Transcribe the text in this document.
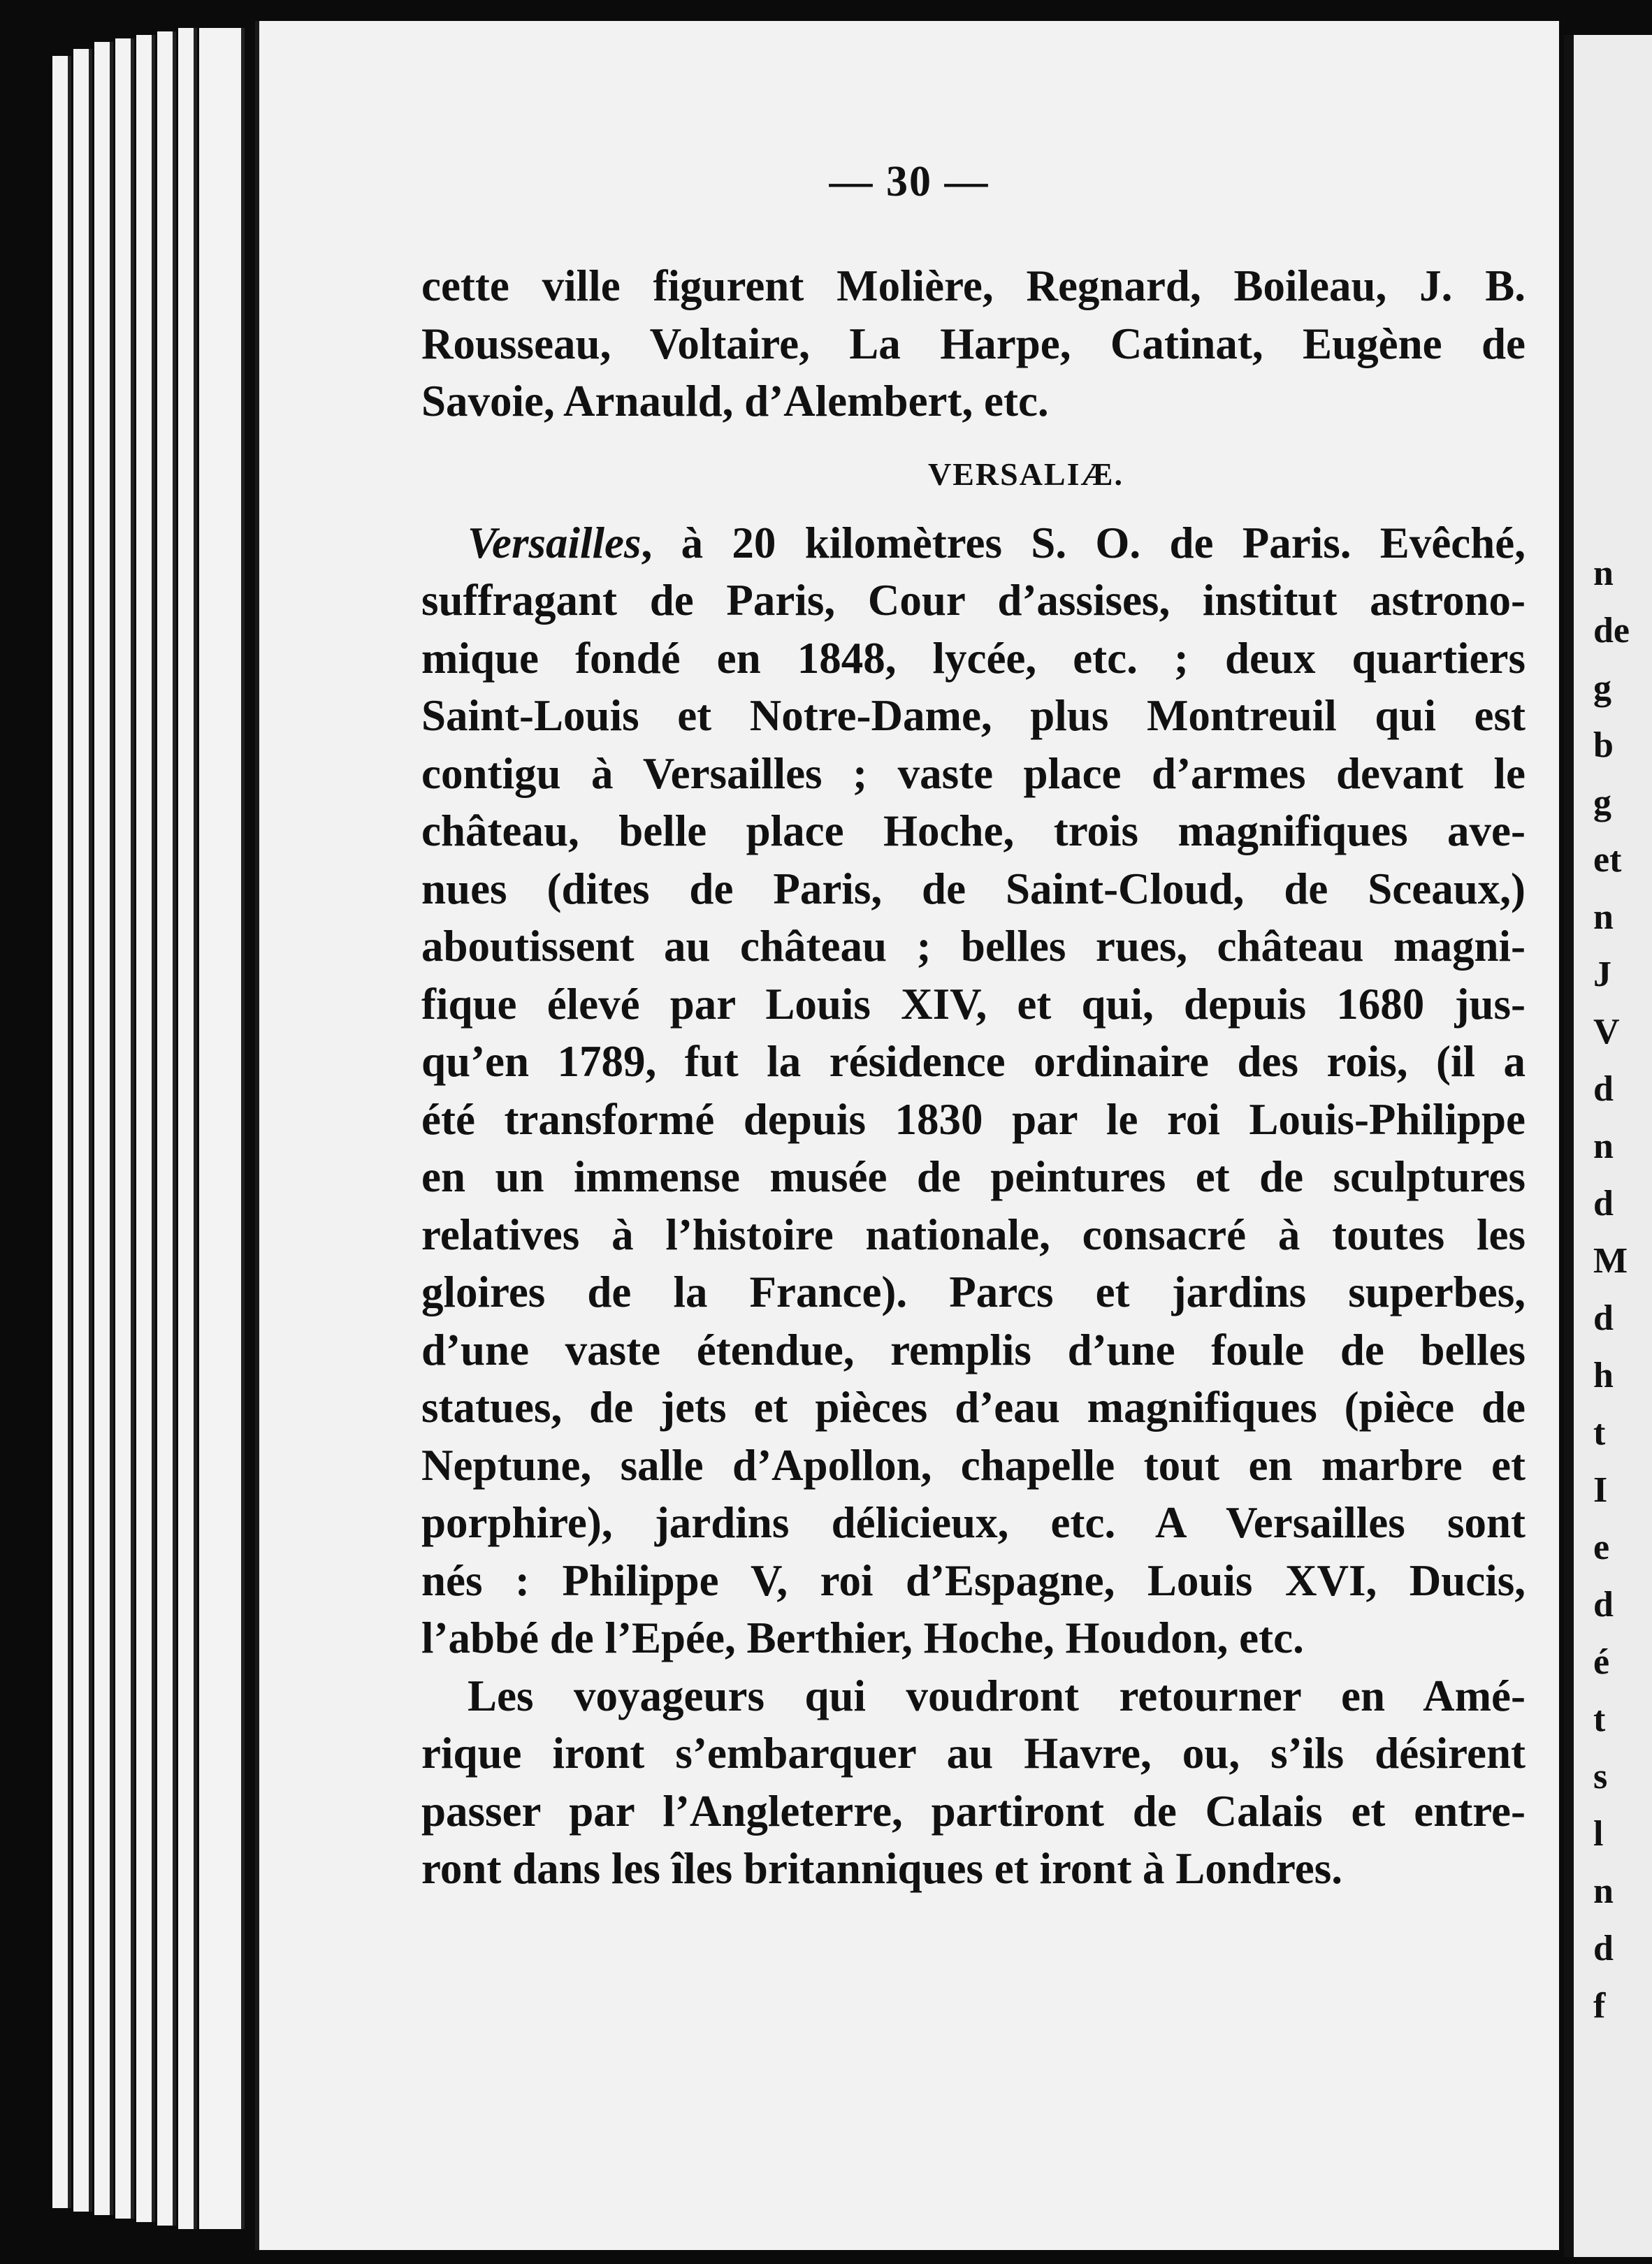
n
de
g
b
g
et
n
J
V
d
n
d
M
d
h
t
I
e
d
é
t
s
l
n
d
f
— 30 —
cette ville figurent Molière, Regnard, Boileau, J. B.
Rousseau, Voltaire, La Harpe, Catinat, Eugène de
Savoie, Arnauld, d’Alembert, etc.
VERSALIÆ.
Versailles, à 20 kilomètres S. O. de Paris. Evêché,
suffragant de Paris, Cour d’assises, institut astrono-
mique fondé en 1848, lycée, etc. ; deux quartiers
Saint-Louis et Notre-Dame, plus Montreuil qui est
contigu à Versailles ; vaste place d’armes devant le
château, belle place Hoche, trois magnifiques ave-
nues (dites de Paris, de Saint-Cloud, de Sceaux,)
aboutissent au château ; belles rues, château magni-
fique élevé par Louis XIV, et qui, depuis 1680 jus-
qu’en 1789, fut la résidence ordinaire des rois, (il a
été transformé depuis 1830 par le roi Louis-Philippe
en un immense musée de peintures et de sculptures
relatives à l’histoire nationale, consacré à toutes les
gloires de la France). Parcs et jardins superbes,
d’une vaste étendue, remplis d’une foule de belles
statues, de jets et pièces d’eau magnifiques (pièce de
Neptune, salle d’Apollon, chapelle tout en marbre et
porphire), jardins délicieux, etc. A Versailles sont
nés : Philippe V, roi d’Espagne, Louis XVI, Ducis,
l’abbé de l’Epée, Berthier, Hoche, Houdon, etc.
Les voyageurs qui voudront retourner en Amé-
rique iront s’embarquer au Havre, ou, s’ils désirent
passer par l’Angleterre, partiront de Calais et entre-
ront dans les îles britanniques et iront à Londres.
